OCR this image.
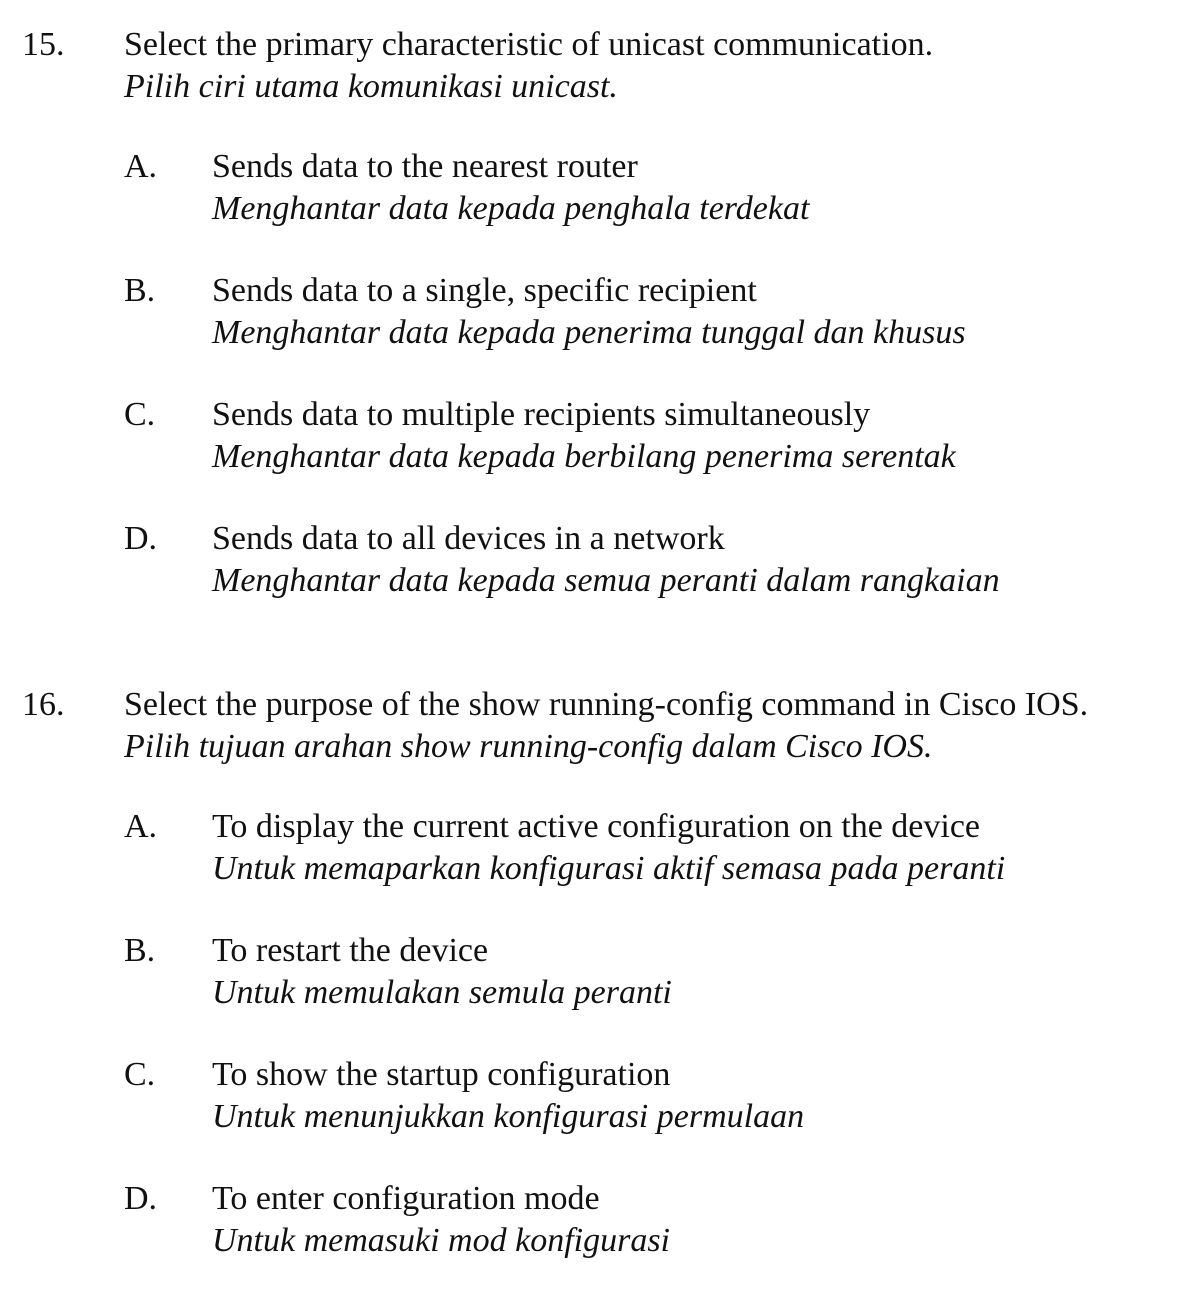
15. Select the primary characteristic of unicast communication.
Pilih ciri utama komunikasi unicast.
A. Sends data to the nearest router
Menghantar data kepada penghala terdekat
B. Sends data to a single, specific recipient
Menghantar data kepada penerima tunggal dan khusus
C. Sends data to multiple recipients simultaneously
Menghantar data kepada berbilang penerima serentak
D. Sends data to all devices in a network
Menghantar data kepada semua peranti dalam rangkaian
16. Select the purpose of the show running-config command in Cisco IOS.
Pilih tujuan arahan show running-config dalam Cisco IOS.
A. To display the current active configuration on the device
Untuk memaparkan konfigurasi aktif semasa pada peranti
B. To restart the device
Untuk memulakan semula peranti
C. To show the startup configuration
Untuk menunjukkan konfigurasi permulaan
D. To enter configuration mode
Untuk memasuki mod konfigurasi
